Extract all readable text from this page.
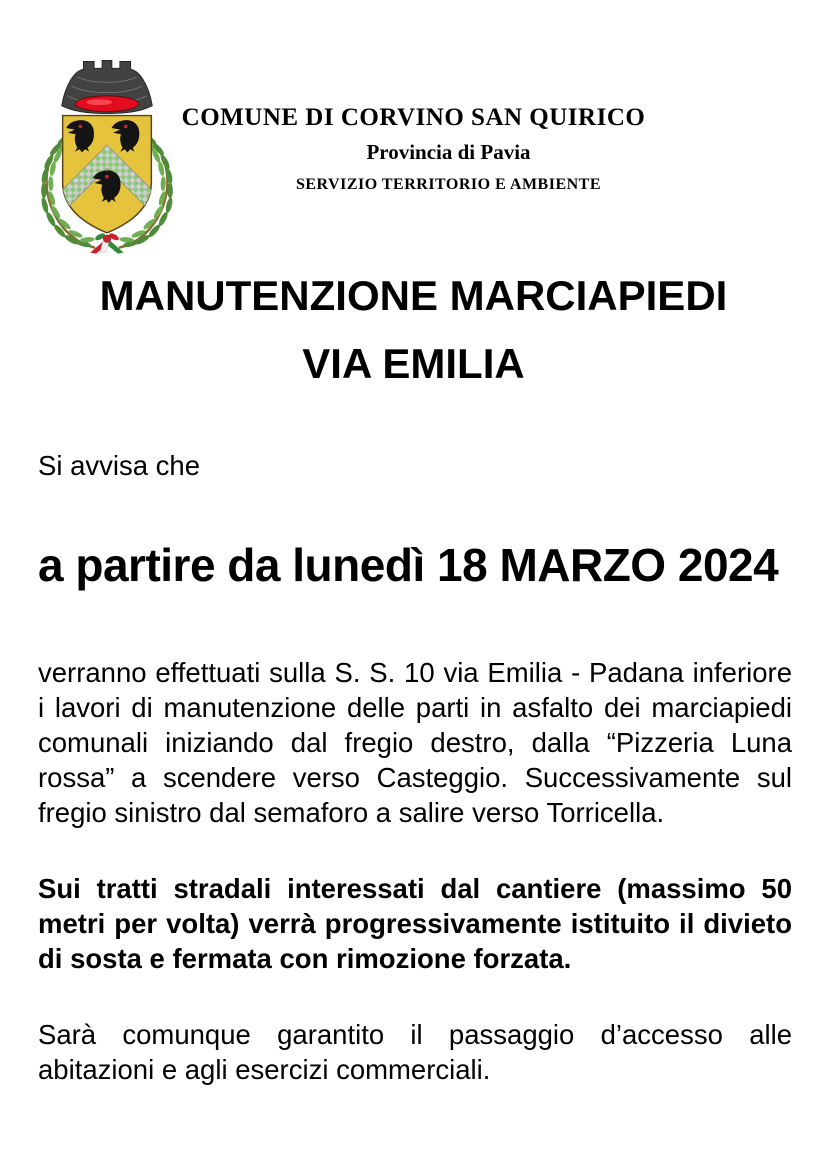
COMUNE DI CORVINO SAN QUIRICO
Provincia di Pavia
SERVIZIO TERRITORIO E AMBIENTE
MANUTENZIONE MARCIAPIEDI
VIA EMILIA
Si avvisa che
a partire da lunedì 18 MARZO 2024
verranno effettuati sulla S. S. 10 via Emilia - Padana inferiore i lavori di manutenzione delle parti in asfalto dei marciapiedi comunali iniziando dal fregio destro, dalla “Pizzeria Luna rossa” a scendere verso Casteggio. Successivamente sul fregio sinistro dal semaforo a salire verso Torricella.
Sui tratti stradali interessati dal cantiere (massimo 50 metri per volta) verrà progressivamente istituito il divieto di sosta e fermata con rimozione forzata.
Sarà comunque garantito il passaggio d’accesso alle abitazioni e agli esercizi commerciali.
